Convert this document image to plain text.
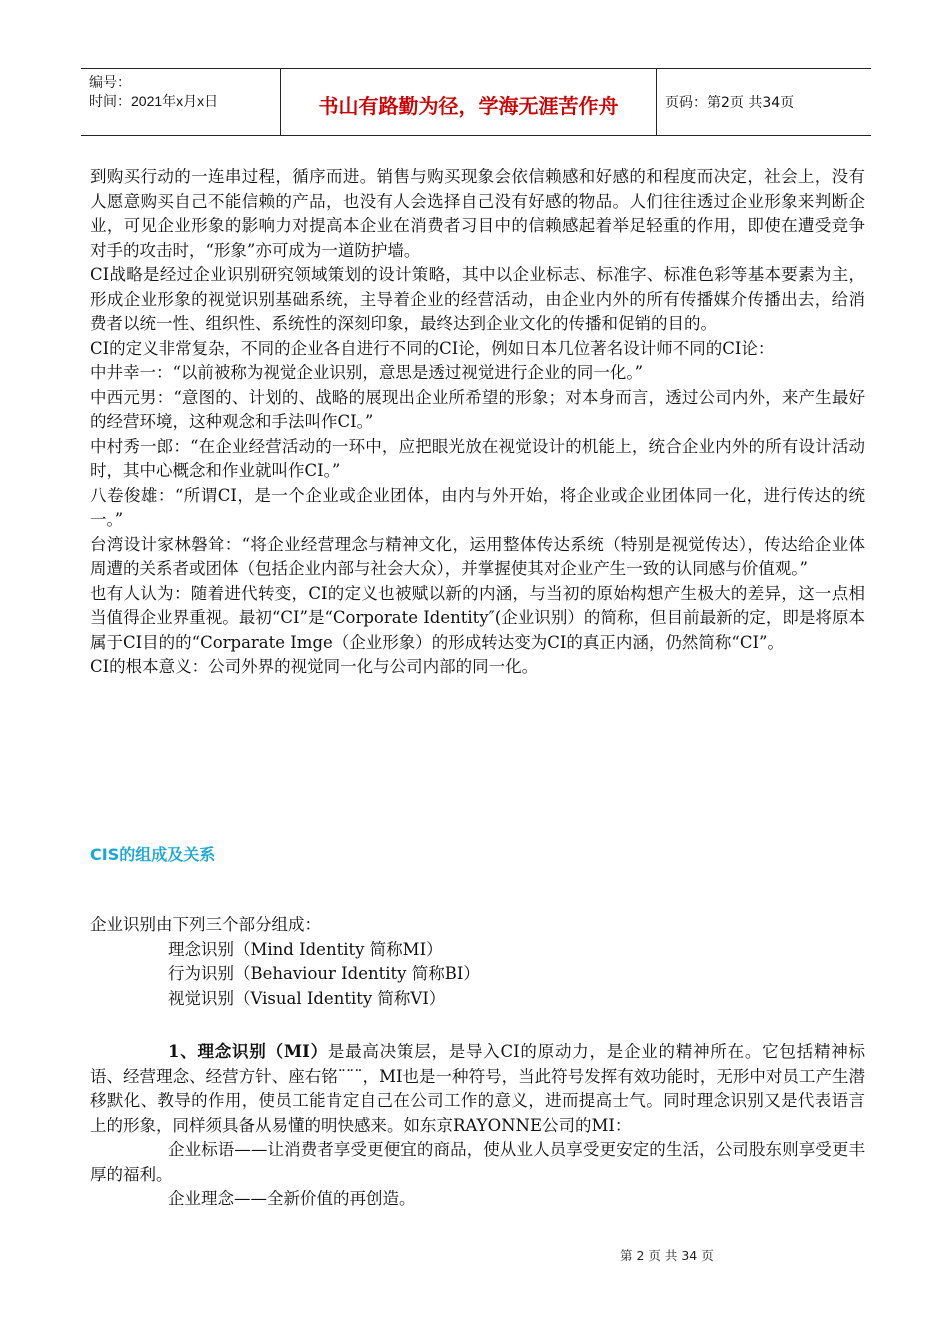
编号：
时间：2021年x月x日	书山有路勤为径，学海无涯苦作舟	页码：第2页 共34页

到购买行动的一连串过程，循序而进。销售与购买现象会依信赖感和好感的和程度而决定，社会上，没有人愿意购买自己不能信赖的产品，也没有人会选择自己没有好感的物品。人们往往透过企业形象来判断企业，可见企业形象的影响力对提高本企业在消费者习目中的信赖感起着举足轻重的作用，即使在遭受竞争对手的攻击时，“形象”亦可成为一道防护墙。

CI战略是经过企业识别研究领域策划的设计策略，其中以企业标志、标准字、标准色彩等基本要素为主，形成企业形象的视觉识别基础系统，主导着企业的经营活动，由企业内外的所有传播媒介传播出去，给消费者以统一性、组织性、系统性的深刻印象，最终达到企业文化的传播和促销的目的。

CI的定义非常复杂，不同的企业各自进行不同的CI论，例如日本几位著名设计师不同的CI论：

中井幸一：“以前被称为视觉企业识别，意思是透过视觉进行企业的同一化。”

中西元男：“意图的、计划的、战略的展现出企业所希望的形象；对本身而言，透过公司内外，来产生最好的经营环境，这种观念和手法叫作CI。”

中村秀一郎：“在企业经营活动的一环中，应把眼光放在视觉设计的机能上，统合企业内外的所有设计活动时，其中心概念和作业就叫作CI。”

八卷俊雄：“所谓CI，是一个企业或企业团体，由内与外开始，将企业或企业团体同一化，进行传达的统一。”

台湾设计家林磐耸：“将企业经营理念与精神文化，运用整体传达系统（特别是视觉传达），传达给企业体周遭的关系者或团体（包括企业内部与社会大众），并掌握使其对企业产生一致的认同感与价值观。”

也有人认为：随着进代转变，CI的定义也被赋以新的内涵，与当初的原始构想产生极大的差异，这一点相当值得企业界重视。最初“CI”是“Corporate Identity″(企业识别）的简称，但目前最新的定，即是将原本属于CI目的的“Corparate Imge（企业形象）的形成转达变为CI的真正内涵，仍然简称“CI”。

CI的根本意义：公司外界的视觉同一化与公司内部的同一化。

CIS的组成及关系

企业识别由下列三个部分组成：

理念识别（Mind Identity 简称MI）

行为识别（Behaviour Identity 简称BI）

视觉识别（Visual Identity 简称VI）

1、理念识别（MI）是最高决策层，是导入CI的原动力，是企业的精神所在。它包括精神标语、经营理念、经营方针、座右铭¨¨¨，MI也是一种符号，当此符号发挥有效功能时，无形中对员工产生潜移默化、教导的作用，使员工能肯定自己在公司工作的意义，进而提高士气。同时理念识别又是代表语言上的形象，同样须具备从易懂的明快感来。如东京RAYONNE公司的MI：

企业标语——让消费者享受更便宜的商品，使从业人员享受更安定的生活，公司股东则享受更丰厚的福利。

企业理念——全新价值的再创造。

第 2 页 共 34 页
